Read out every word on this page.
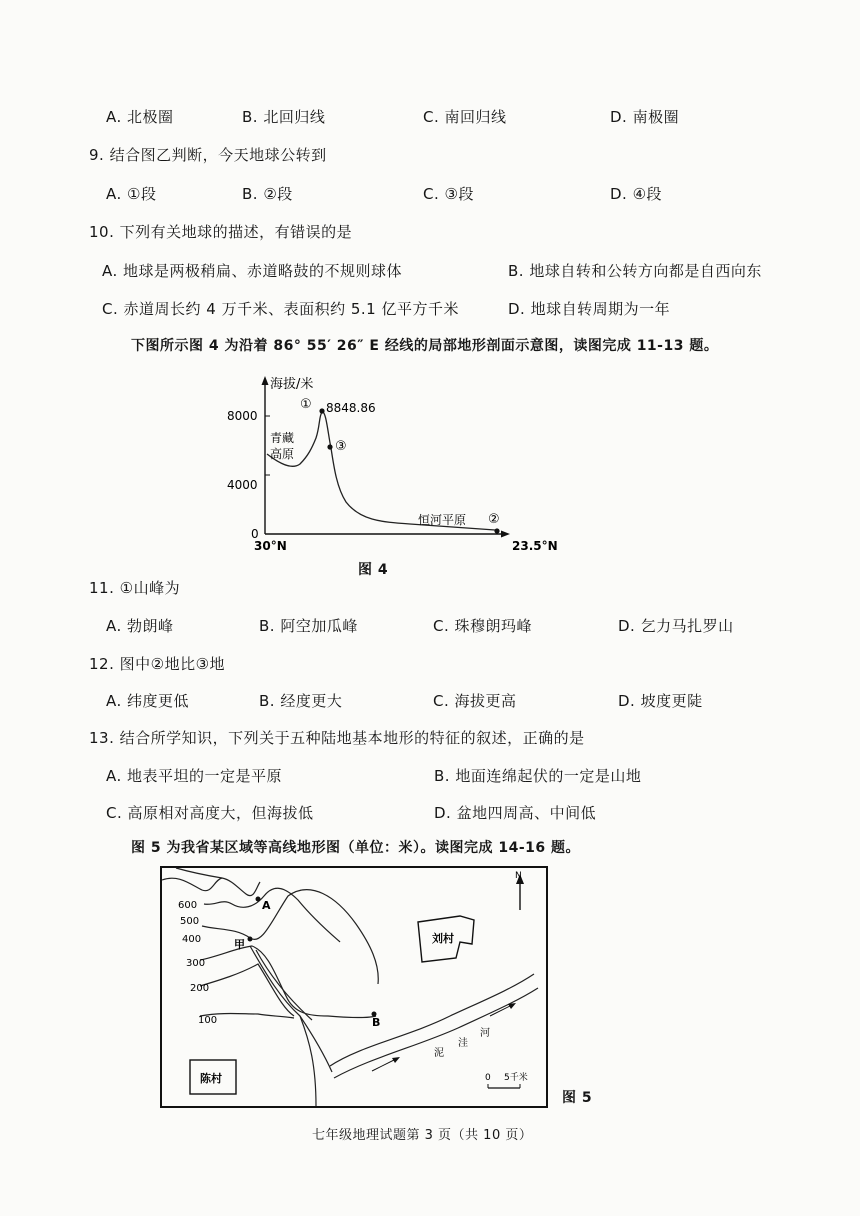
A. 北极圈	B. 北回归线	C. 南回归线	D. 南极圈
9. 结合图乙判断，今天地球公转到
A. ①段	B. ②段	C. ③段	D. ④段
10. 下列有关地球的描述，有错误的是
A. 地球是两极稍扁、赤道略鼓的不规则球体	B. 地球自转和公转方向都是自西向东
C. 赤道周长约 4 万千米、表面积约 5.1 亿平方千米	D. 地球自转周期为一年
下图所示图 4 为沿着 86° 55′ 26″ E 经线的局部地形剖面示意图，读图完成 11-13 题。
海拔/米
8000
4000
0
30°N	23.5°N
① 8848.86
③
青藏
高原
恒河平原 ②
图 4
11. ①山峰为
A. 勃朗峰	B. 阿空加瓜峰	C. 珠穆朗玛峰	D. 乞力马扎罗山
12. 图中②地比③地
A. 纬度更低	B. 经度更大	C. 海拔更高	D. 坡度更陡
13. 结合所学知识，下列关于五种陆地基本地形的特征的叙述，正确的是
A. 地表平坦的一定是平原	B. 地面连绵起伏的一定是山地
C. 高原相对高度大，但海拔低	D. 盆地四周高、中间低
图 5 为我省某区域等高线地形图（单位：米）。读图完成 14-16 题。
600
500
400
300
200
100
A
甲
B
刘村
陈村
泥
洼
河
N
0 5千米
图 5
七年级地理试题第 3 页（共 10 页）
